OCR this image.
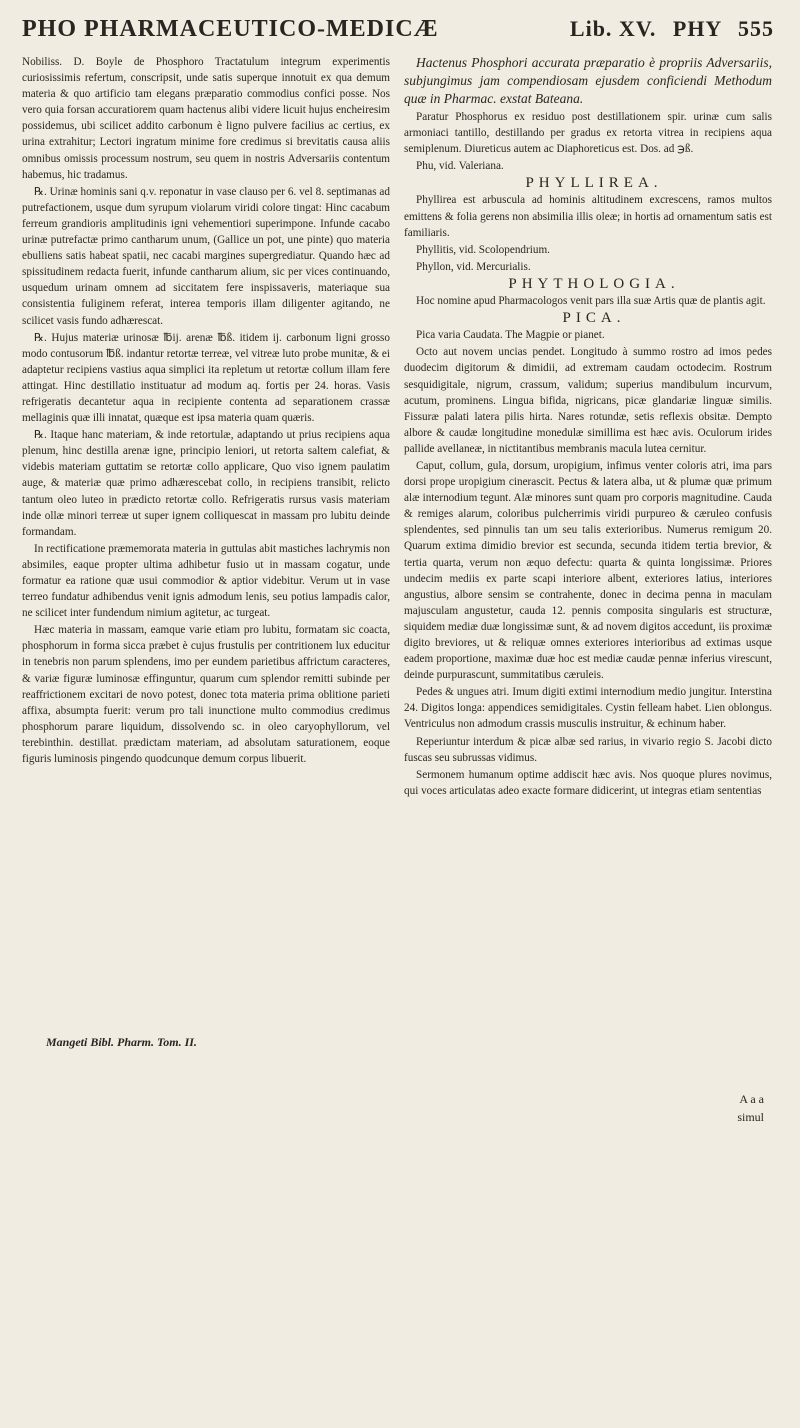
PHO PHARMACEUTICO-MEDICÆ	Lib. XV. PHY 555

Nobiliss. D. Boyle de Phosphoro Tractatulum integrum experimentis curiosissimis refertum, conscripsit, unde satis superque innotuit ex qua demum materia & quo artificio tam elegans præparatio commodius confici posse. Nos vero quia forsan accuratiorem quam hactenus alibi videre licuit hujus encheiresim possidemus, ubi scilicet addito carbonum è ligno pulvere facilius ac certius, ex urina extrahitur; Lectori ingratum minime fore credimus si brevitatis causa aliis omnibus omissis processum nostrum, seu quem in nostris Adversariis contentum habemus, hic tradamus.

℞. Urinæ hominis sani q.v. reponatur in vase clauso per 6. vel 8. septimanas ad putrefactionem, usque dum syrupum violarum viridi colore tingat: Hinc cacabum ferreum grandioris amplitudinis igni vehementiori superimpone. Infunde cacabo urinæ putrefactæ primo cantharum unum, (Gallice un pot, une pinte) quo materia ebulliens satis habeat spatii, nec cacabi margines supergrediatur. Quando hæc ad spissitudinem redacta fuerit, infunde cantharum alium, sic per vices continuando, usquedum urinam omnem ad siccitatem fere inspissaveris, materiaque sua consistentia fuliginem referat, interea temporis illam diligenter agitando, ne scilicet vasis fundo adhærescat.

℞. Hujus materiæ urinosæ ℔ij. arenæ ℔ß. itidem ij. carbonum ligni grosso modo contusorum ℔ß. indantur retortæ terreæ, vel vitreæ luto probe munitæ, & ei adaptetur recipiens vastius aqua simplici ita repletum ut retortæ collum illam fere attingat. Hinc destillatio instituatur ad modum aq. fortis per 24. horas. Vasis refrigeratis decantetur aqua in recipiente contenta ad separationem crassæ mellaginis quæ illi innatat, quæque est ipsa materia quam quæris.

℞. Itaque hanc materiam, & inde retortulæ, adaptando ut prius recipiens aqua plenum, hinc destilla arenæ igne, principio leniori, ut retorta saltem calefiat, & videbis materiam guttatim se retortæ collo applicare, Quo viso ignem paulatim auge, & materiæ quæ primo adhærescebat collo, in recipiens transibit, relicto tantum oleo luteo in prædicto retortæ collo. Refrigeratis rursus vasis materiam inde ollæ minori terreæ ut super ignem colliquescat in massam pro lubitu deinde formandam.

In rectificatione præmemorata materia in guttulas abit mastiches lachrymis non absimiles, eaque propter ultima adhibetur fusio ut in massam cogatur, unde formatur ea ratione quæ usui commodior & aptior videbitur. Verum ut in vase terreo fundatur adhibendus venit ignis admodum lenis, seu potius lampadis calor, ne scilicet inter fundendum nimium agitetur, ac turgeat.

Hæc materia in massam, eamque varie etiam pro lubitu, formatam sic coacta, phosphorum in forma sicca præbet è cujus frustulis per contritionem lux educitur in tenebris non parum splendens, imo per eundem parietibus affrictum caracteres, & variæ figuræ luminosæ effinguntur, quarum cum splendor remitti subinde per reaffrictionem excitari de novo potest, donec tota materia prima oblitione parieti affixa, absumpta fuerit: verum pro tali inunctione multo commodius credimus phosphorum parare liquidum, dissolvendo sc. in oleo caryophyllorum, vel terebinthin. destillat. prædictam materiam, ad absolutam saturationem, eoque figuris luminosis pingendo quodcunque demum corpus libuerit.

Hactenus Phosphori accurata præparatio è propriis Adversariis, subjungimus jam compendiosam ejusdem conficiendi Methodum quæ in Pharmac. exstat Bateana.

Paratur Phosphorus ex residuo post destillationem spir. urinæ cum salis armoniaci tantillo, destillando per gradus ex retorta vitrea in recipiens aqua semiplenum. Diureticus autem ac Diaphoreticus est. Dos. ad ℈ß.

Phu, vid. Valeriana.

PHYLLIREA.

Phyllirea est arbuscula ad hominis altitudinem excrescens, ramos multos emittens & folia gerens non absimilia illis oleæ; in hortis ad ornamentum satis est familiaris.

Phyllitis, vid. Scolopendrium.

Phyllon, vid. Mercurialis.

PHYTHOLOGIA.

Hoc nomine apud Pharmacologos venit pars illa suæ Artis quæ de plantis agit.

PICA.

Pica varia Caudata. The Magpie or pianet.

Octo aut novem uncias pendet. Longitudo à summo rostro ad imos pedes duodecim digitorum & dimidii, ad extremam caudam octodecim. Rostrum sesquidigitale, nigrum, crassum, validum; superius mandibulum incurvum, acutum, prominens. Lingua bifida, nigricans, picæ glandariæ linguæ similis. Fissuræ palati latera pilis hirta. Nares rotundæ, setis reflexis obsitæ. Dempto albore & caudæ longitudine monedulæ simillima est hæc avis. Oculorum irides pallide avellaneæ, in nictitantibus membranis macula lutea cernitur.

Caput, collum, gula, dorsum, uropigium, infimus venter coloris atri, ima pars dorsi prope uropigium cinerascit. Pectus & latera alba, ut & plumæ quæ primum alæ internodium tegunt. Alæ minores sunt quam pro corporis magnitudine. Cauda & remiges alarum, coloribus pulcherrimis viridi purpureo & cæruleo confusis splendentes, sed pinnulis tan um seu talis exterioribus. Numerus remigum 20. Quarum extima dimidio brevior est secunda, secunda itidem tertia brevior, & tertia quarta, verum non æquo defectu: quarta & quinta longissimæ. Priores undecim mediis ex parte scapi interiore albent, exteriores latius, interiores angustius, albore sensim se contrahente, donec in decima penna in maculam majusculam angustetur, cauda 12. pennis composita singularis est structuræ, siquidem mediæ duæ longissimæ sunt, & ad novem digitos accedunt, iis proximæ digito breviores, ut & reliquæ omnes exteriores interioribus ad extimas usque eadem proportione, maximæ duæ hoc est mediæ caudæ pennæ inferius virescunt, deinde purpurascunt, summitatibus cæruleis.

Pedes & ungues atri. Imum digiti extimi internodium medio jungitur. Interstina 24. Digitos longa: appendices semidigitales. Cystin felleam habet. Lien oblongus. Ventriculus non admodum crassis musculis instruitur, & echinum haber.

Reperiuntur interdum & picæ albæ sed rarius, in vivario regio S. Jacobi dicto fuscas seu subrussas vidimus.

Sermonem humanum optime addiscit hæc avis. Nos quoque plures novimus, qui voces articulatas adeo exacte formare didicerint, ut integras etiam sententias

Mangeti Bibl. Pharm. Tom. II.
A a a
simul
